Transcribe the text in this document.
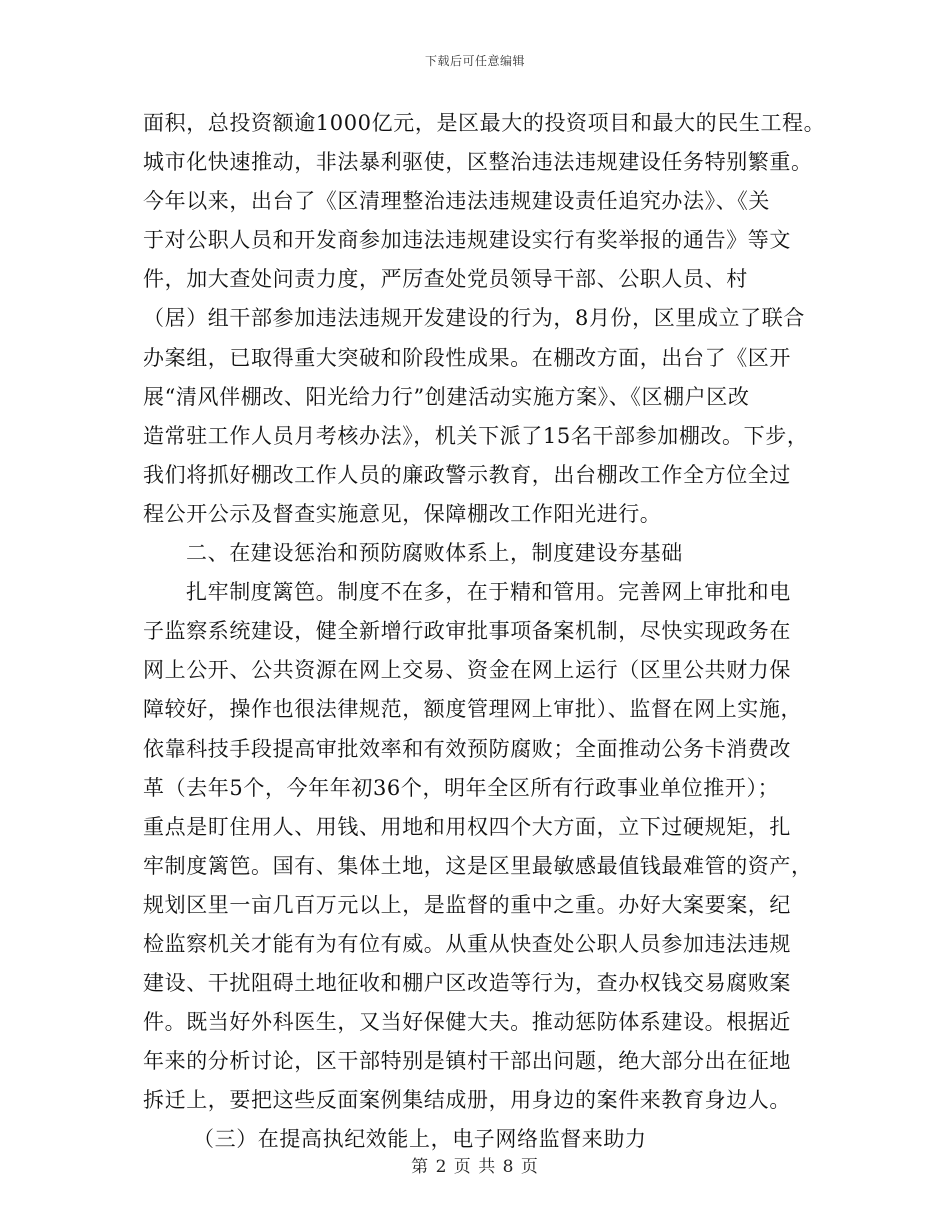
下载后可任意编辑
面积，总投资额逾1000亿元，是区最大的投资项目和最大的民生工程。
城市化快速推动，非法暴利驱使，区整治违法违规建设任务特别繁重。
今年以来，出台了《区清理整治违法违规建设责任追究办法》、《关
于对公职人员和开发商参加违法违规建设实行有奖举报的通告》等文
件，加大查处问责力度，严厉查处党员领导干部、公职人员、村
（居）组干部参加违法违规开发建设的行为，8月份，区里成立了联合
办案组，已取得重大突破和阶段性成果。在棚改方面，出台了《区开
展“清风伴棚改、阳光给力行”创建活动实施方案》、《区棚户区改
造常驻工作人员月考核办法》，机关下派了15名干部参加棚改。下步，
我们将抓好棚改工作人员的廉政警示教育，出台棚改工作全方位全过
程公开公示及督查实施意见，保障棚改工作阳光进行。
二、在建设惩治和预防腐败体系上，制度建设夯基础
扎牢制度篱笆。制度不在多，在于精和管用。完善网上审批和电
子监察系统建设，健全新增行政审批事项备案机制，尽快实现政务在
网上公开、公共资源在网上交易、资金在网上运行（区里公共财力保
障较好，操作也很法律规范，额度管理网上审批）、监督在网上实施，
依靠科技手段提高审批效率和有效预防腐败；全面推动公务卡消费改
革（去年5个，今年年初36个，明年全区所有行政事业单位推开）；
重点是盯住用人、用钱、用地和用权四个大方面，立下过硬规矩，扎
牢制度篱笆。国有、集体土地，这是区里最敏感最值钱最难管的资产，
规划区里一亩几百万元以上，是监督的重中之重。办好大案要案，纪
检监察机关才能有为有位有威。从重从快查处公职人员参加违法违规
建设、干扰阻碍土地征收和棚户区改造等行为，查办权钱交易腐败案
件。既当好外科医生，又当好保健大夫。推动惩防体系建设。根据近
年来的分析讨论，区干部特别是镇村干部出问题，绝大部分出在征地
拆迁上，要把这些反面案例集结成册，用身边的案件来教育身边人。
（三）在提高执纪效能上，电子网络监督来助力
第 2 页 共 8 页
